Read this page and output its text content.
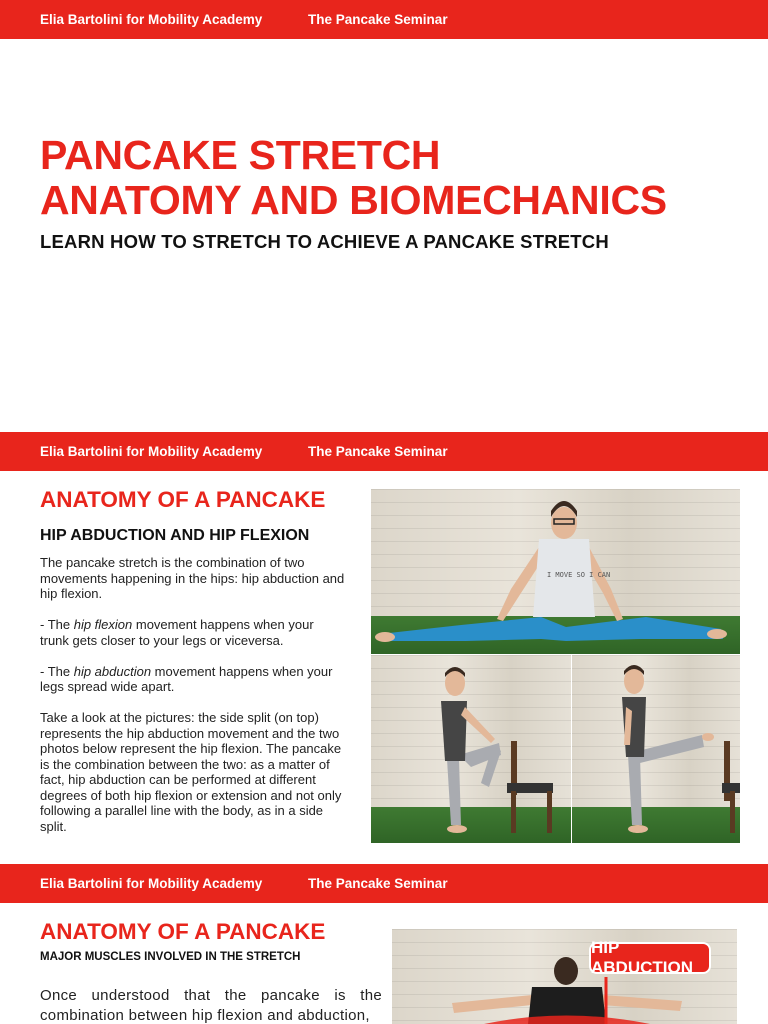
Elia Bartolini for Mobility Academy	The Pancake Seminar
PANCAKE STRETCH
ANATOMY AND BIOMECHANICS
LEARN HOW TO STRETCH TO ACHIEVE A PANCAKE STRETCH
Elia Bartolini for Mobility Academy	The Pancake Seminar
ANATOMY OF A PANCAKE
HIP ABDUCTION AND HIP FLEXION

The pancake stretch is the combination of two movements happening in the hips: hip abduction and hip flexion.

- The hip flexion movement happens when your trunk gets closer to your legs or viceversa.

- The hip abduction movement happens when your legs spread wide apart.

Take a look at the pictures: the side split (on top) represents the hip abduction movement and the two photos below represent the hip flexion. The pancake is the combination between the two: as a matter of fact, hip abduction can be performed at different degrees of both hip flexion or extension and not only following a parallel line with the body, as in a side split.

I MOVE SO I CAN
Elia Bartolini for Mobility Academy	The Pancake Seminar
ANATOMY OF A PANCAKE
MAJOR MUSCLES INVOLVED IN THE STRETCH
Once understood that the pancake is the combination between hip flexion and abduction,
HIP ABDUCTION
